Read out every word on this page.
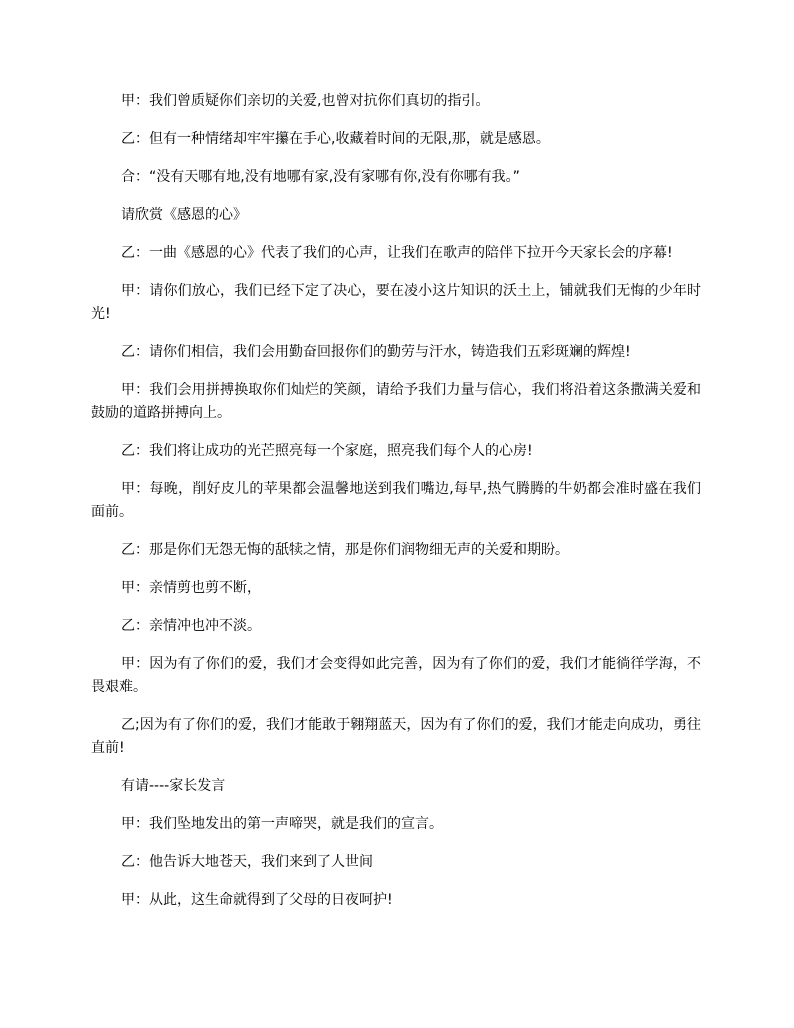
甲：我们曾质疑你们亲切的关爱,也曾对抗你们真切的指引。

乙：但有一种情绪却牢牢攥在手心,收藏着时间的无限,那，就是感恩。

合：“没有天哪有地,没有地哪有家,没有家哪有你,没有你哪有我。”

请欣赏《感恩的心》

乙：一曲《感恩的心》代表了我们的心声，让我们在歌声的陪伴下拉开今天家长会的序幕!

甲：请你们放心，我们已经下定了决心，要在凌小这片知识的沃土上，铺就我们无悔的少年时光!

乙：请你们相信，我们会用勤奋回报你们的勤劳与汗水，铸造我们五彩斑斓的辉煌!

甲：我们会用拼搏换取你们灿烂的笑颜，请给予我们力量与信心，我们将沿着这条撒满关爱和鼓励的道路拼搏向上。

乙：我们将让成功的光芒照亮每一个家庭，照亮我们每个人的心房!

甲：每晚，削好皮儿的苹果都会温馨地送到我们嘴边,每早,热气腾腾的牛奶都会准时盛在我们面前。

乙：那是你们无怨无悔的舐犊之情，那是你们润物细无声的关爱和期盼。

甲：亲情剪也剪不断，

乙：亲情冲也冲不淡。

甲：因为有了你们的爱，我们才会变得如此完善，因为有了你们的爱，我们才能徜徉学海，不畏艰难。

乙;因为有了你们的爱，我们才能敢于翱翔蓝天，因为有了你们的爱，我们才能走向成功，勇往直前!

有请----家长发言

甲：我们坠地发出的第一声啼哭，就是我们的宣言。

乙：他告诉大地苍天，我们来到了人世间

甲：从此，这生命就得到了父母的日夜呵护!
